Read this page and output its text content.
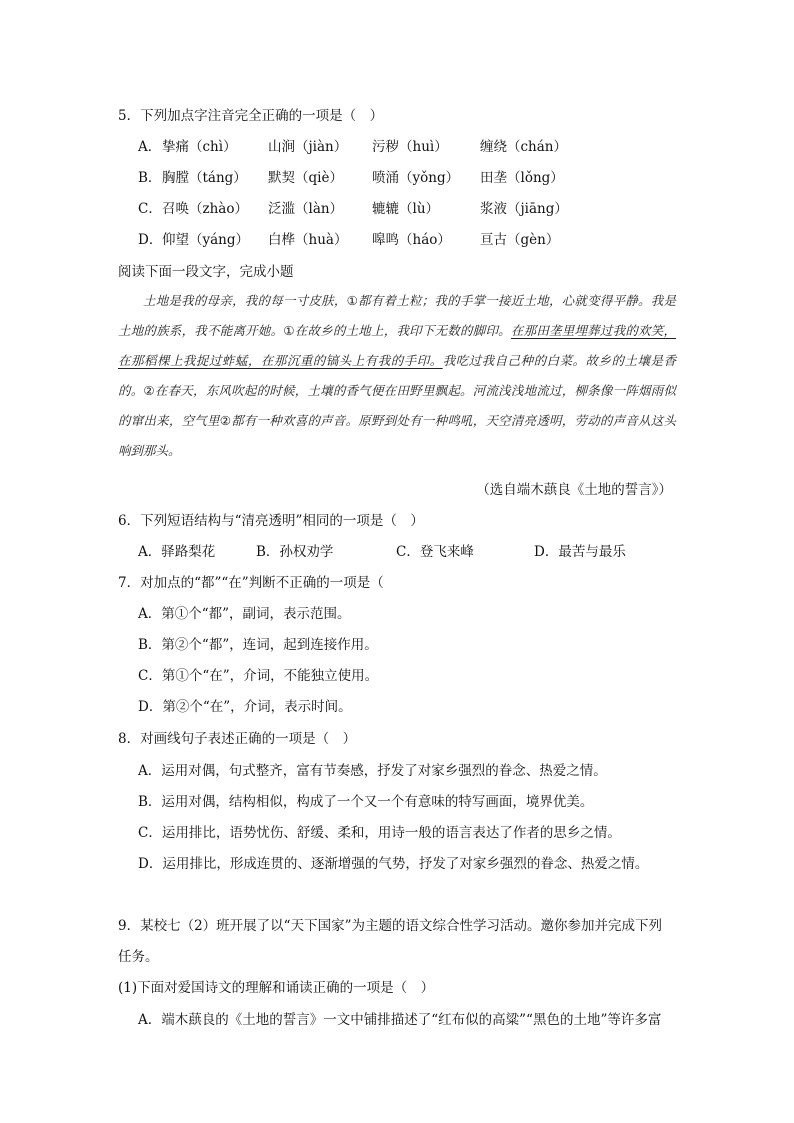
5．下列加点字注音完全正确的一项是（　）
A． 挚痛（chì） 山涧（jiàn） 污秽（huì） 缠绕（chán）
B． 胸膛（táng） 默契（qiè） 喷涌（yǒng） 田垄（lǒng）
C． 召唤（zhào） 泛滥（làn） 辘辘（lù）	浆液（jiāng）
D． 仰望（yáng） 白桦（huà） 嗥鸣（háo） 亘古（gèn）
阅读下面一段文字，完成小题

土地是我的母亲，我的每一寸皮肤，①都有着土粒；我的手掌一接近土地，心就变得平静。我是土地的族系，我不能离开她。①在故乡的土地上，我印下无数的脚印。在那田垄里埋葬过我的欢笑，在那稻棵上我捉过蚱蜢，在那沉重的镐头上有我的手印。我吃过我自己种的白菜。故乡的土壤是香的。②在春天，东风吹起的时候，土壤的香气便在田野里飘起。河流浅浅地流过，柳条像一阵烟雨似的窜出来，空气里②都有一种欢喜的声音。原野到处有一种鸣吼，天空清亮透明，劳动的声音从这头响到那头。

（选自端木蕻良《土地的誓言》）
6．下列短语结构与“清亮透明”相同的一项是（　）
A．驿路梨花	B．孙权劝学	C．登飞来峰	D．最苦与最乐
7．对加点的“都”“在”判断不正确的一项是（
A．第①个“都”，副词，表示范围。
B．第②个“都”，连词，起到连接作用。
C．第①个“在”，介词，不能独立使用。
D．第②个“在”，介词，表示时间。
8．对画线句子表述正确的一项是（　）
A．运用对偶，句式整齐，富有节奏感，抒发了对家乡强烈的眷念、热爱之情。
B．运用对偶，结构相似，构成了一个又一个有意味的特写画面，境界优美。
C．运用排比，语势忧伤、舒缓、柔和，用诗一般的语言表达了作者的思乡之情。
D．运用排比，形成连贯的、逐渐增强的气势，抒发了对家乡强烈的眷念、热爱之情。
9．某校七（2）班开展了以“天下国家”为主题的语文综合性学习活动。邀你参加并完成下列
任务。
(1)下面对爱国诗文的理解和诵读正确的一项是（　）
A．端木蕻良的《土地的誓言》一文中铺排描述了“红布似的高粱”“黑色的土地”等许多富
